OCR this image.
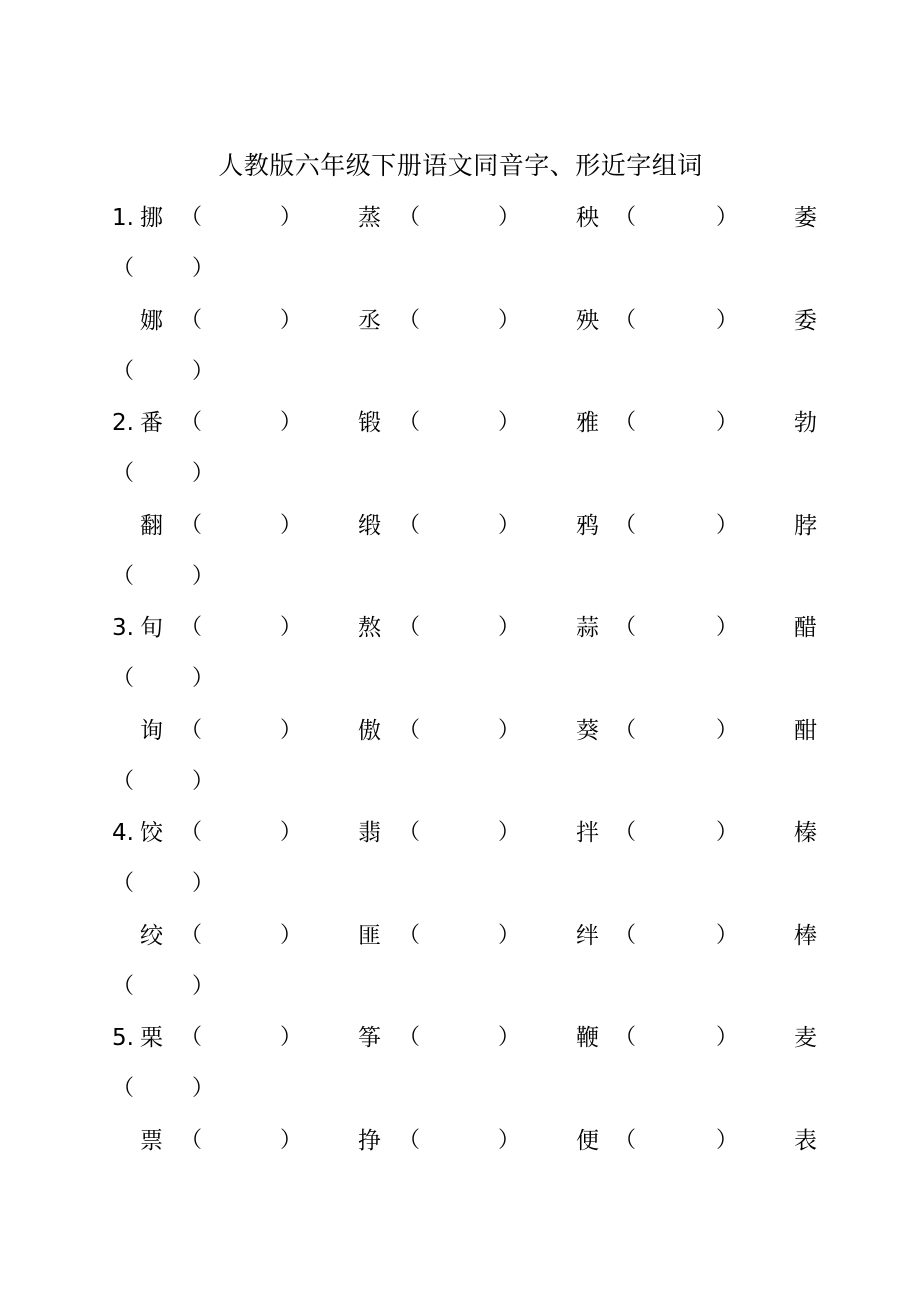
人教版六年级下册语文同音字、形近字组词
1. 挪 （	） 蒸 （	） 秧 （	） 萎
（	）
娜 （	） 丞 （	） 殃 （	） 委
（	）
2. 番 （	） 锻 （	） 雅 （	） 勃
（	）
翻 （	） 缎 （	） 鸦 （	） 脖
（	）
3. 旬 （	） 熬 （	） 蒜 （	） 醋
（	）
询 （	） 傲 （	） 葵 （	） 酣
（	）
4. 饺 （	） 翡 （	） 拌 （	） 榛
（	）
绞 （	） 匪 （	） 绊 （	） 棒
（	）
5. 栗 （	） 筝 （	） 鞭 （	） 麦
（	）
票 （	） 挣 （	） 便 （	） 表
